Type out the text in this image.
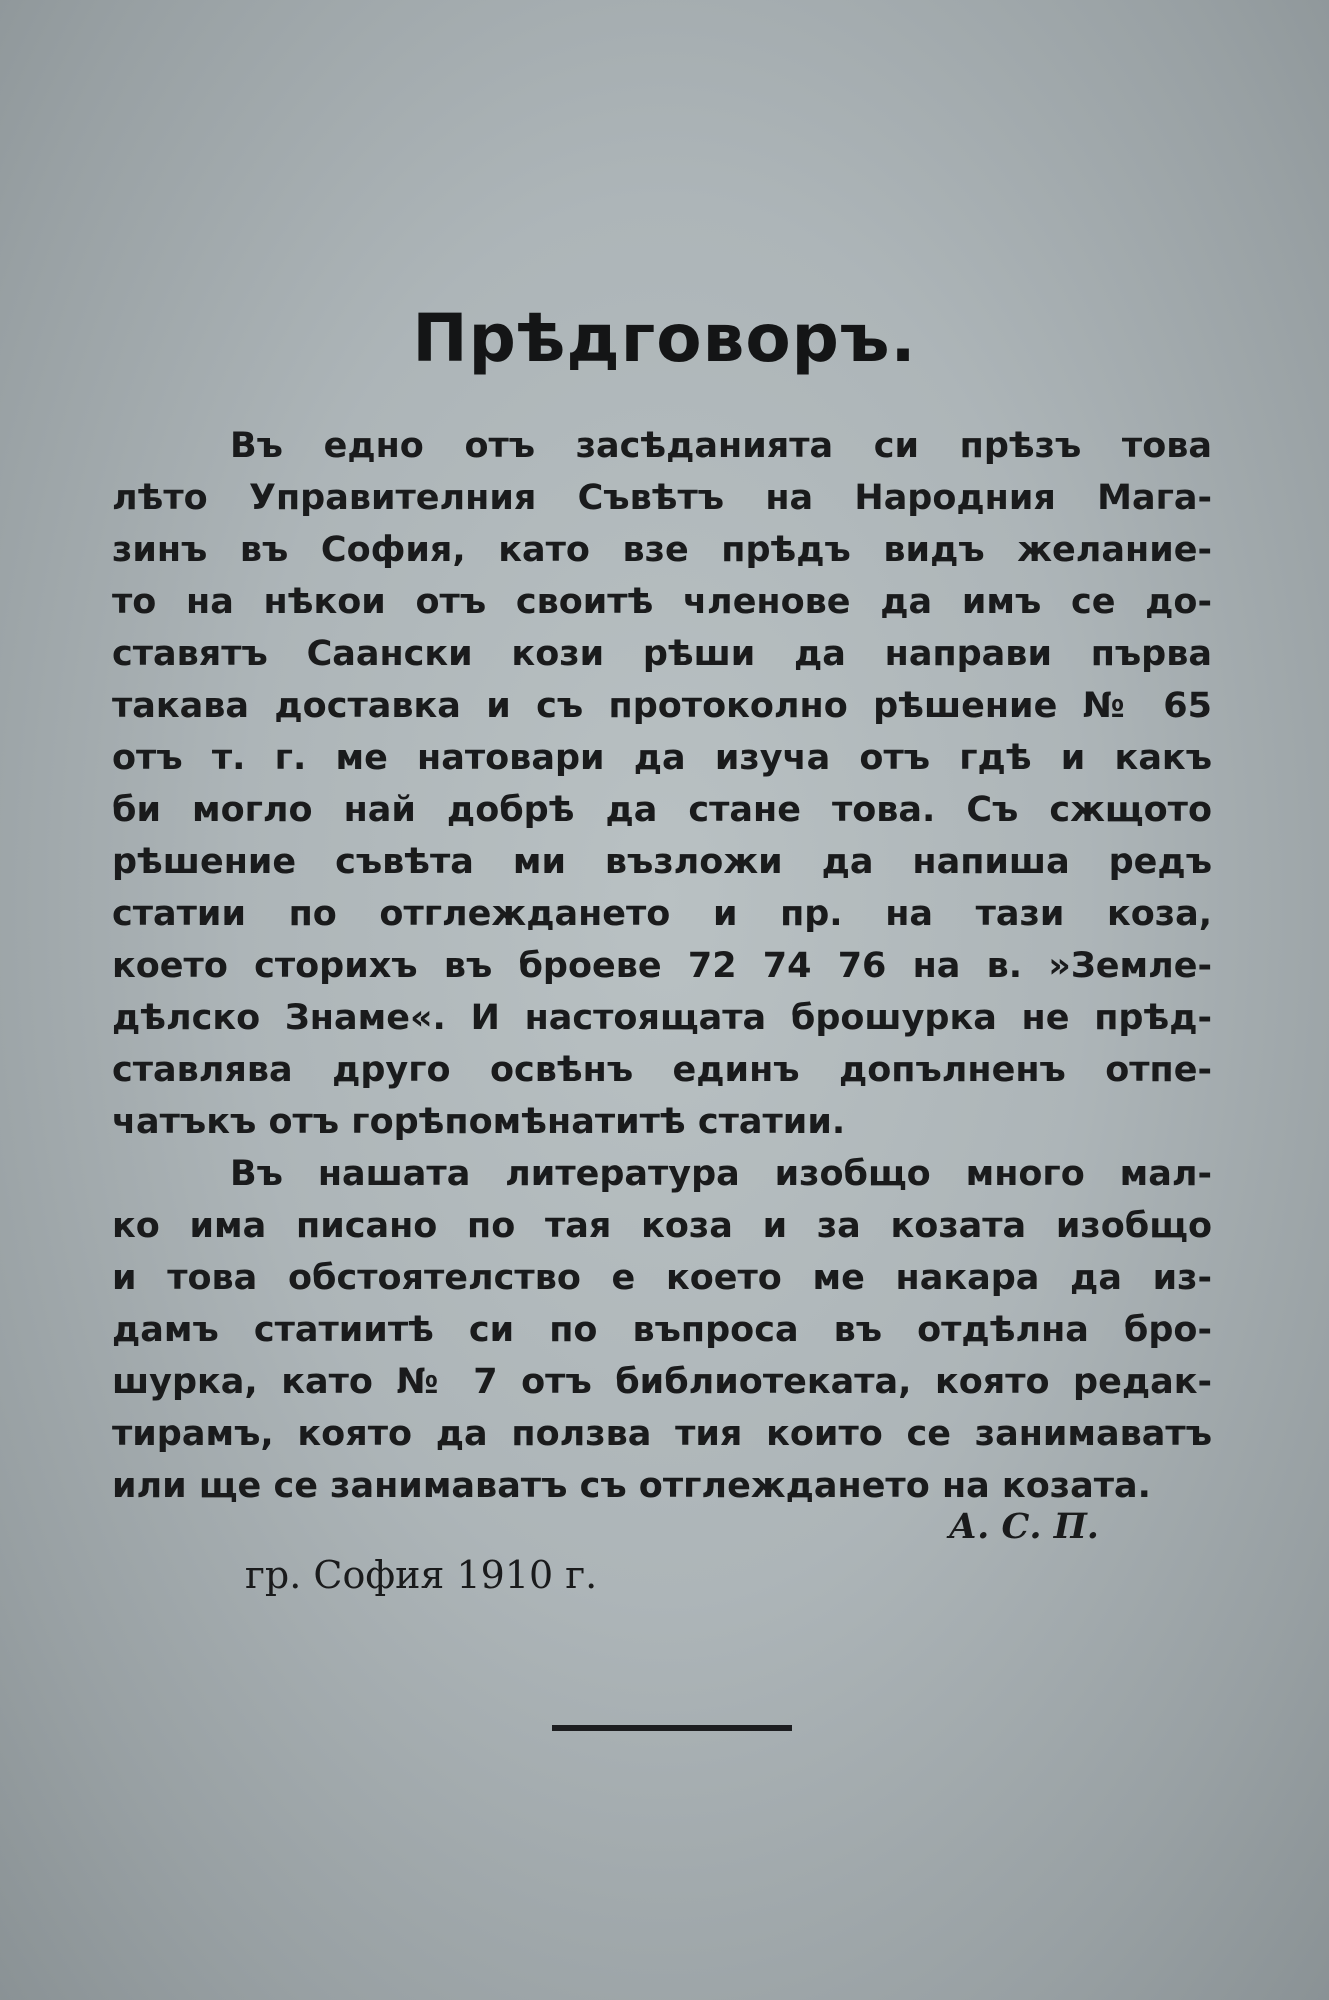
Прѣдговоръ.
Въ едно отъ засѣданията си прѣзъ това
лѣто Управителния Съвѣтъ на Народния Мага-
зинъ въ София, като взе прѣдъ видъ желание-
то на нѣкои отъ своитѣ членове да имъ се до-
ставятъ Саански кози рѣши да направи първа
такава доставка и съ протоколно рѣшение № 65
отъ т. г. ме натовари да изуча отъ гдѣ и какъ
би могло най добрѣ да стане това. Съ сжщото
рѣшение съвѣта ми възложи да напиша редъ
статии по отглеждането и пр. на тази коза,
което сторихъ въ броеве 72 74 76 на в. »Земле-
дѣлско Знаме«. И настоящата брошурка не прѣд-
ставлява друго освѣнъ единъ допълненъ отпе-
чатъкъ отъ горѣпомѣнатитѣ статии.
Въ нашата литература изобщо много мал-
ко има писано по тая коза и за козата изобщо
и това обстоятелство е което ме накара да из-
дамъ статиитѣ си по въпроса въ отдѣлна бро-
шурка, като № 7 отъ библиотеката, която редак-
тирамъ, която да ползва тия които се занимаватъ
или ще се занимаватъ съ отглеждането на козата.
А. С. П.
гр. София 1910 г.
